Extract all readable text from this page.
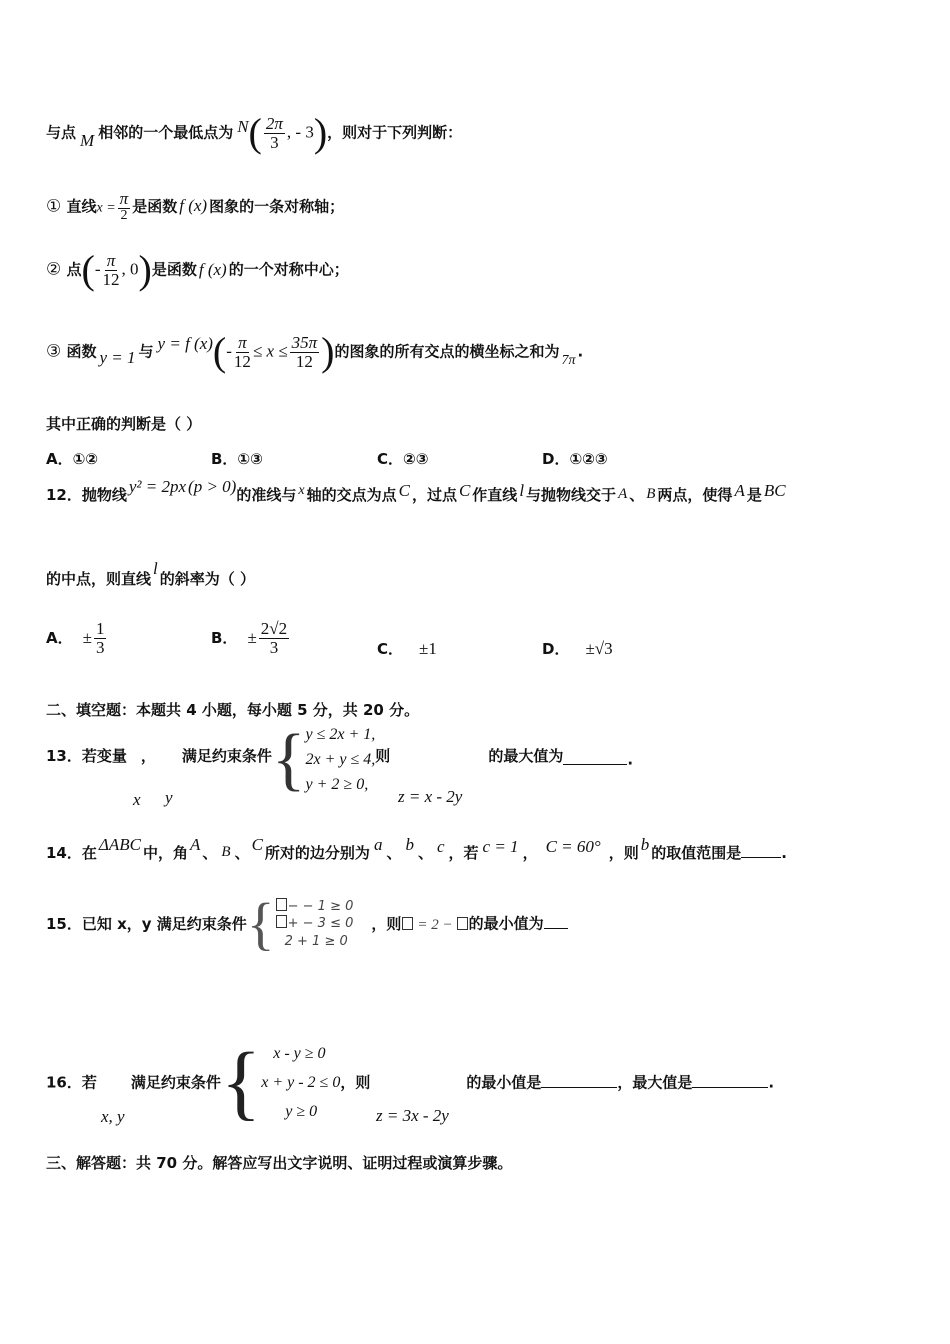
与点 M 相邻的一个最低点为 $N( \frac{2\pi}{3}$ , - 3)，则对于下列判断：
① 直线$x = \frac{\pi}{2}$ 是函数 f (x) 图象的一条对称轴；
② 点(- $\frac{\pi}{12}$ , 0)是函数 f (x) 的一个对称中心；
③ 函数 y = 1 与 y = f $(x)(- \frac{\pi}{12} \le x \le \frac{35\pi}{12}$ )的图象的所有交点的横坐标之和为 7π .
其中正确的判断是（ ）
A．①②	B．①③	C．②③	D．①②③
12．抛物线 y² = 2px (p > 0)的准线与 x 轴的交点为点 C ，过点 C 作直线 l 与抛物线交于 A 、 B 两点，使得 A 是 BC
的中点，则直线l的斜率为（ ）
A． ± $\frac{1}{3}$	B． ± $\frac{2√2}{3}$	C． ±1	D． ±√3
二、填空题：本题共 4 小题，每小题 5 分，共 20 分。
13．若变量 ， 满足约束条件{ y ≤ 2x + 1,
2x + y ≤ 4,
y + 2 ≥ 0,
则	的最大值为	.
x y	z = x - 2y
14．在 ΔABC 中，角 A 、 B 、 C 所对的边分别为 a 、 b 、 c ，若 c = 1 ， C = 60° ，则 b 的取值范围是	.
15．已知 x，y 满足约束条件{	− − 1 ≥ 0
+ − 3 ≤ 0
2 + 1 ≥ 0
，则 = 2 − 的最小值为
16．若 满足约束条件{ x - y ≥ 0
x + y - 2 ≤ 0
y ≥ 0
，则	的最小值是	，最大值是	.
x, y	z = 3x - 2y
三、解答题：共 70 分。解答应写出文字说明、证明过程或演算步骤。
